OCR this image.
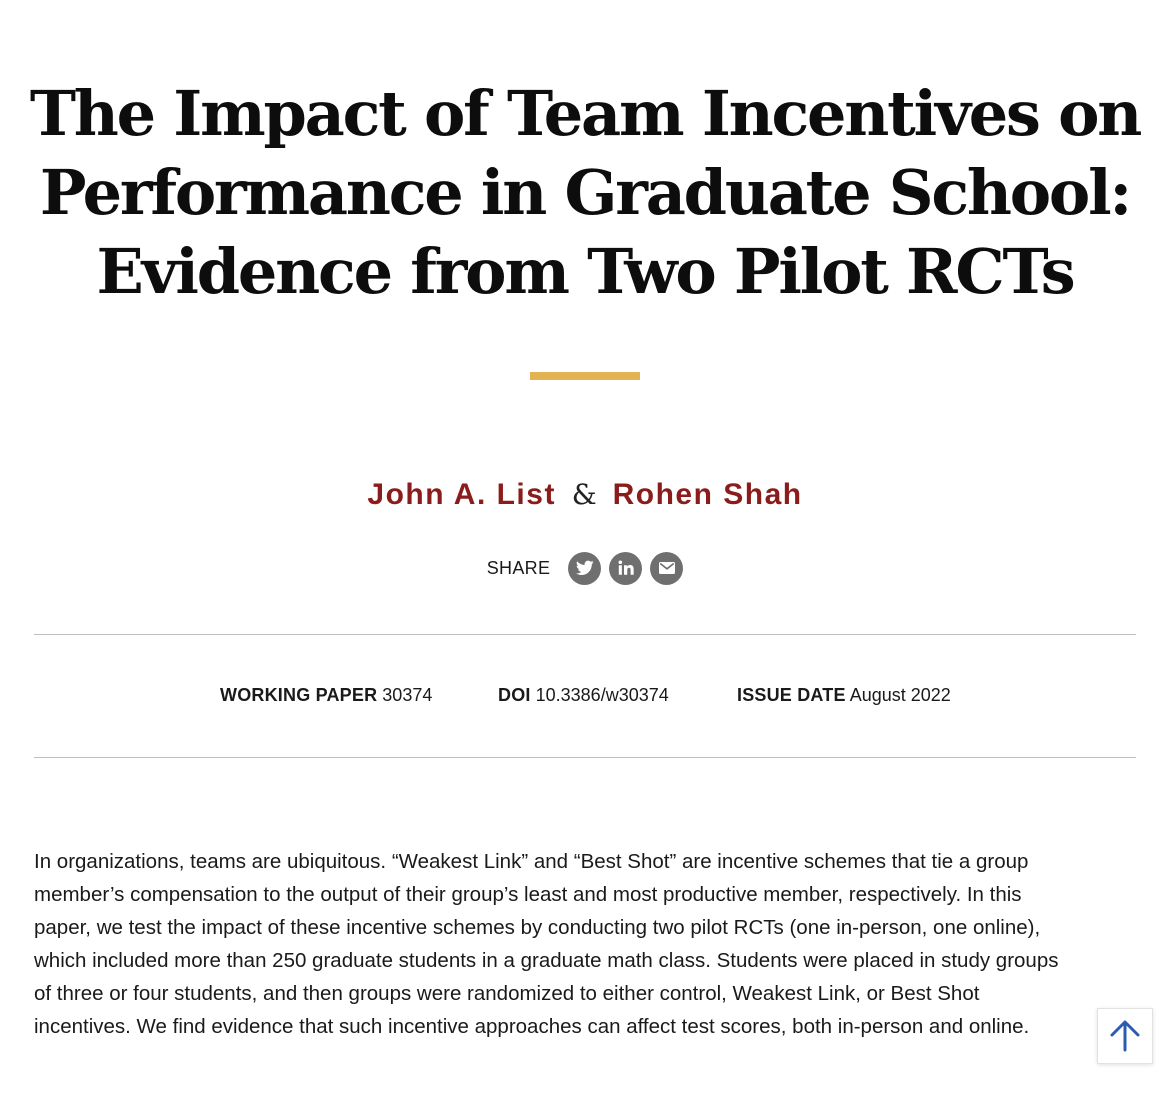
The Impact of Team Incentives on
Performance in Graduate School:
Evidence from Two Pilot RCTs
John A. List & Rohen Shah
SHARE
WORKING PAPER 30374	DOI 10.3386/w30374	ISSUE DATE August 2022
In organizations, teams are ubiquitous. “Weakest Link” and “Best Shot” are incentive schemes that tie a group
member’s compensation to the output of their group’s least and most productive member, respectively. In this
paper, we test the impact of these incentive schemes by conducting two pilot RCTs (one in-person, one online),
which included more than 250 graduate students in a graduate math class. Students were placed in study groups
of three or four students, and then groups were randomized to either control, Weakest Link, or Best Shot
incentives. We find evidence that such incentive approaches can affect test scores, both in-person and online.
